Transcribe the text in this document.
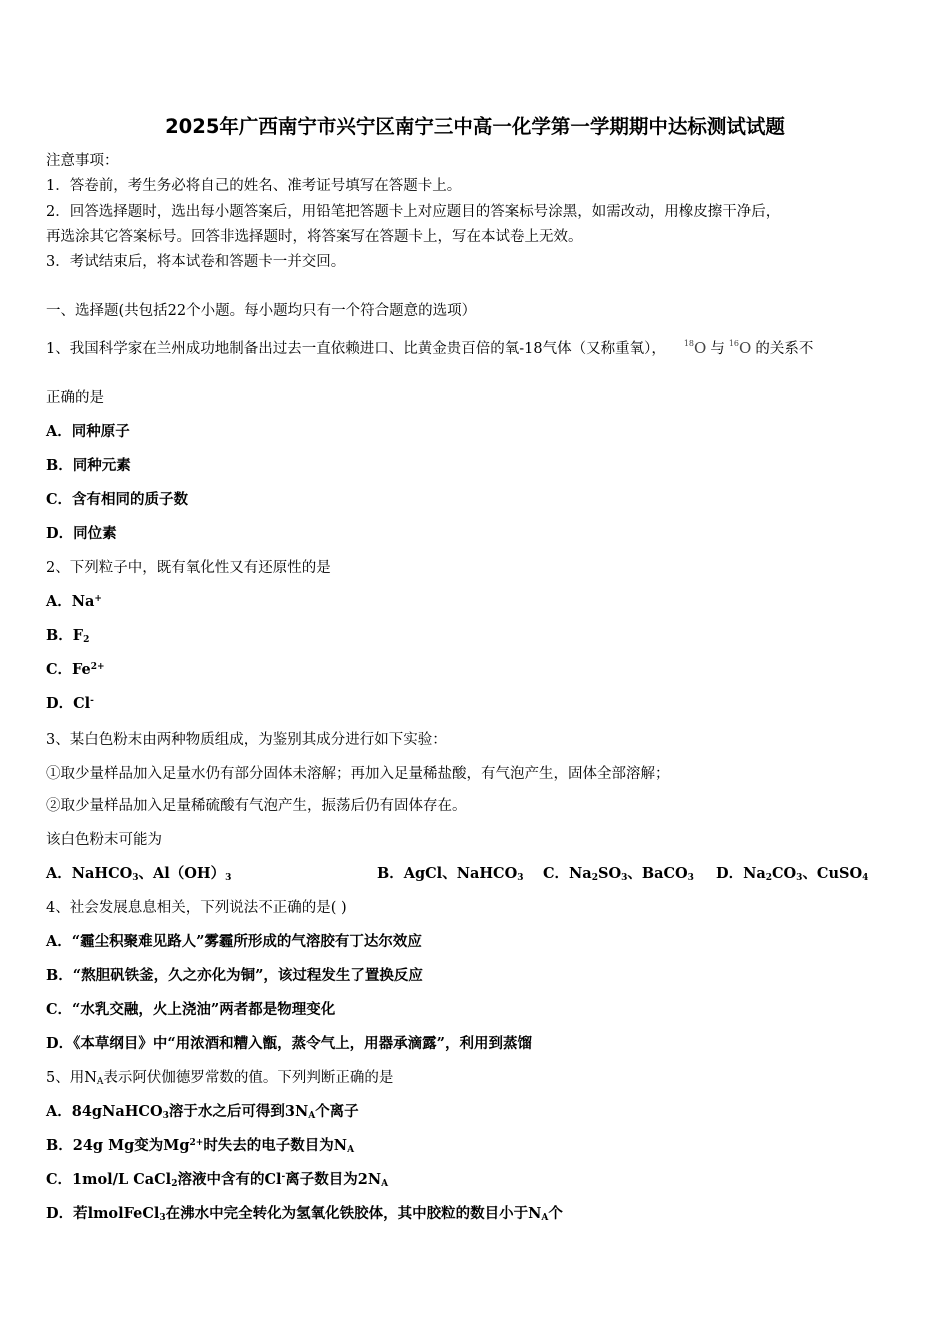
2025年广西南宁市兴宁区南宁三中高一化学第一学期期中达标测试试题
注意事项：
1．答卷前，考生务必将自己的姓名、准考证号填写在答题卡上。
2．回答选择题时，选出每小题答案后，用铅笔把答题卡上对应题目的答案标号涂黑，如需改动，用橡皮擦干净后，
再选涂其它答案标号。回答非选择题时，将答案写在答题卡上，写在本试卷上无效。
3．考试结束后，将本试卷和答题卡一并交回。
一、选择题(共包括22个小题。每小题均只有一个符合题意的选项）
1、我国科学家在兰州成功地制备出过去一直依赖进口、比黄金贵百倍的氧-18气体（又称重氧）， $^{18}$O 与 $^{16}$O 的关系不
正确的是
A．同种原子
B．同种元素
C．含有相同的质子数
D．同位素
2、下列粒子中，既有氧化性又有还原性的是
A．Na+
B．$F_2$
C．$Fe^{2+}$
D．Cl-
3、某白色粉末由两种物质组成，为鉴别其成分进行如下实验：
①取少量样品加入足量水仍有部分固体未溶解；再加入足量稀盐酸，有气泡产生，固体全部溶解；
②取少量样品加入足量稀硫酸有气泡产生，振荡后仍有固体存在。
该白色粉末可能为
A．NaHCO$_3$、$Al(OH)_3$	B．AgCl、NaHCO$_3$ C．$Na_2SO_3$、BaCO$_3$ D．$Na_2CO_3$、CuSO$_4$
4、社会发展息息相关，下列说法不正确的是( )
A．“霾尘积聚难见路人”雾霾所形成的气溶胶有丁达尔效应
B．“熬胆矾铁釜，久之亦化为铜”，该过程发生了置换反应
C．“水乳交融，火上浇油”两者都是物理变化
D．《本草纲目》中“用浓酒和糟入甑，蒸令气上，用器承滴露”，利用到蒸馏
5、用$N_A$表示阿伏伽德罗常数的值。下列判断正确的是
A．84gNaHCO$_3$溶于水之后可得到$3N_A$个离子
B．24g Mg变为$Mg^{2+}$时失去的电子数目为$N_A$
C．1mol/L CaCl$_2$溶液中含有的Cl-离子数目为$2N_A$
D．若lmolFeCl$_3$在沸水中完全转化为氢氧化铁胶体，其中胶粒的数目小于$N_A$个
